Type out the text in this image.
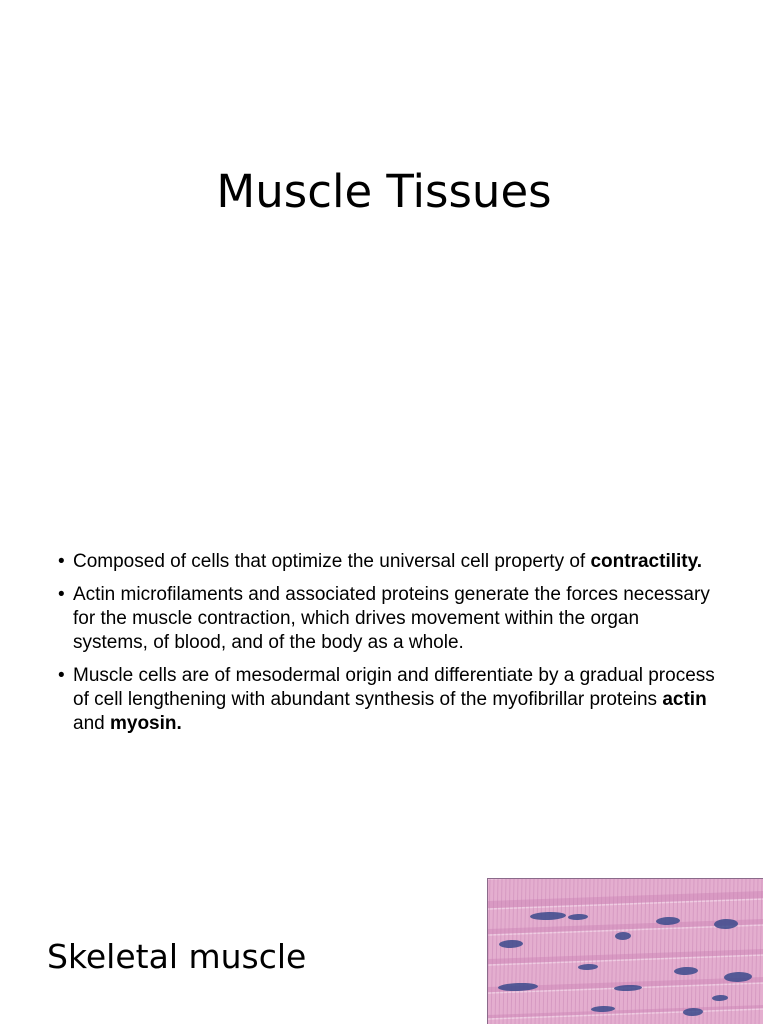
Muscle Tissues
• Composed of cells that optimize the universal cell property of contractility.
• Actin microfilaments and associated proteins generate the forces necessary for the muscle contraction, which drives movement within the organ systems, of blood, and of the body as a whole.
• Muscle cells are of mesodermal origin and differentiate by a gradual process of cell lengthening with abundant synthesis of the myofibrillar proteins actin and myosin.
Skeletal muscle
